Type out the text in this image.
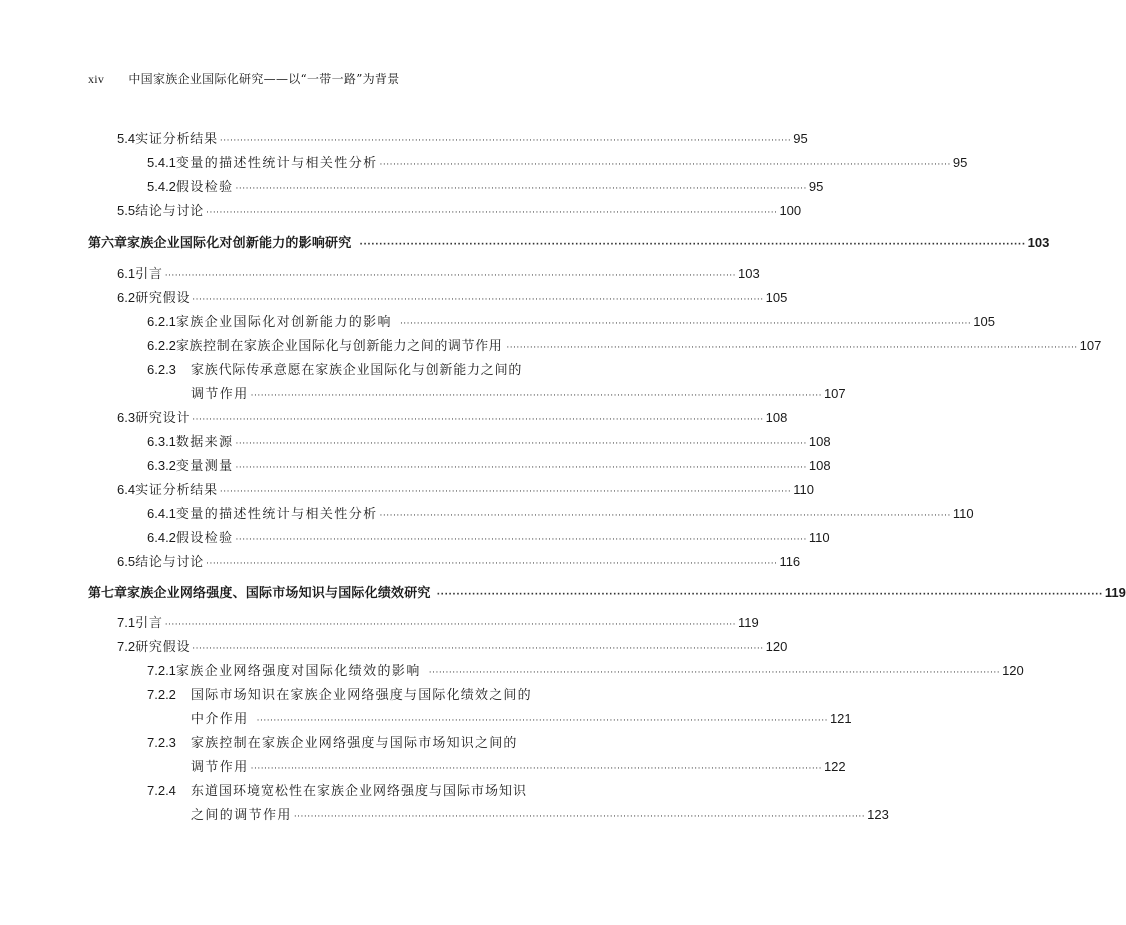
xiv 中国家族企业国际化研究——以“一带一路”为背景
5.4 实证分析结果 ·····	95
5.4.1 变量的描述性统计与相关性分析 ·····	95
5.4.2 假设检验 ·····	95
5.5 结论与讨论 ·····	100
第六章 家族企业国际化对创新能力的影响研究 ·····	103
6.1 引言 ·····	103
6.2 研究假设 ·····	105
6.2.1 家族企业国际化对创新能力的影响 ·····	105
6.2.2 家族控制在家族企业国际化与创新能力之间的调节作用 ·····	107
6.2.3	家族代际传承意愿在家族企业国际化与创新能力之间的
调节作用 ·····	107
6.3 研究设计 ·····	108
6.3.1 数据来源 ·····	108
6.3.2 变量测量 ·····	108
6.4 实证分析结果 ·····	110
6.4.1 变量的描述性统计与相关性分析 ·····	110
6.4.2 假设检验 ·····	110
6.5 结论与讨论 ·····	116
第七章 家族企业网络强度、国际市场知识与国际化绩效研究 ·····	119
7.1 引言 ·····	119
7.2 研究假设 ·····	120
7.2.1 家族企业网络强度对国际化绩效的影响 ·····	120
7.2.2	国际市场知识在家族企业网络强度与国际化绩效之间的
中介作用 ·····	121
7.2.3	家族控制在家族企业网络强度与国际市场知识之间的
调节作用 ·····	122
7.2.4	东道国环境宽松性在家族企业网络强度与国际市场知识
之间的调节作用 ·····	123
